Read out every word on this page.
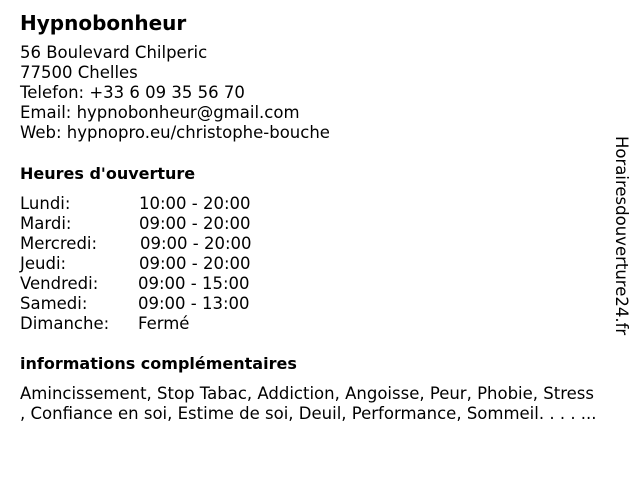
Hypnobonheur
56 Boulevard Chilperic
77500 Chelles
Telefon: +33 6 09 35 56 70
Email: hypnobonheur@gmail.com
Web: hypnopro.eu/christophe-bouche
Heures d'ouverture
Lundi:	10:00 - 20:00
Mardi:	09:00 - 20:00
Mercredi:	09:00 - 20:00
Jeudi:	09:00 - 20:00
Vendredi: 09:00 - 15:00
Samedi:	09:00 - 13:00
Dimanche: Fermé
informations complémentaires
Amincissement, Stop Tabac, Addiction, Angoisse, Peur, Phobie, Stress
, Confiance en soi, Estime de soi, Deuil, Performance, Sommeil. . . . ...
Horairesdouverture24.fr
